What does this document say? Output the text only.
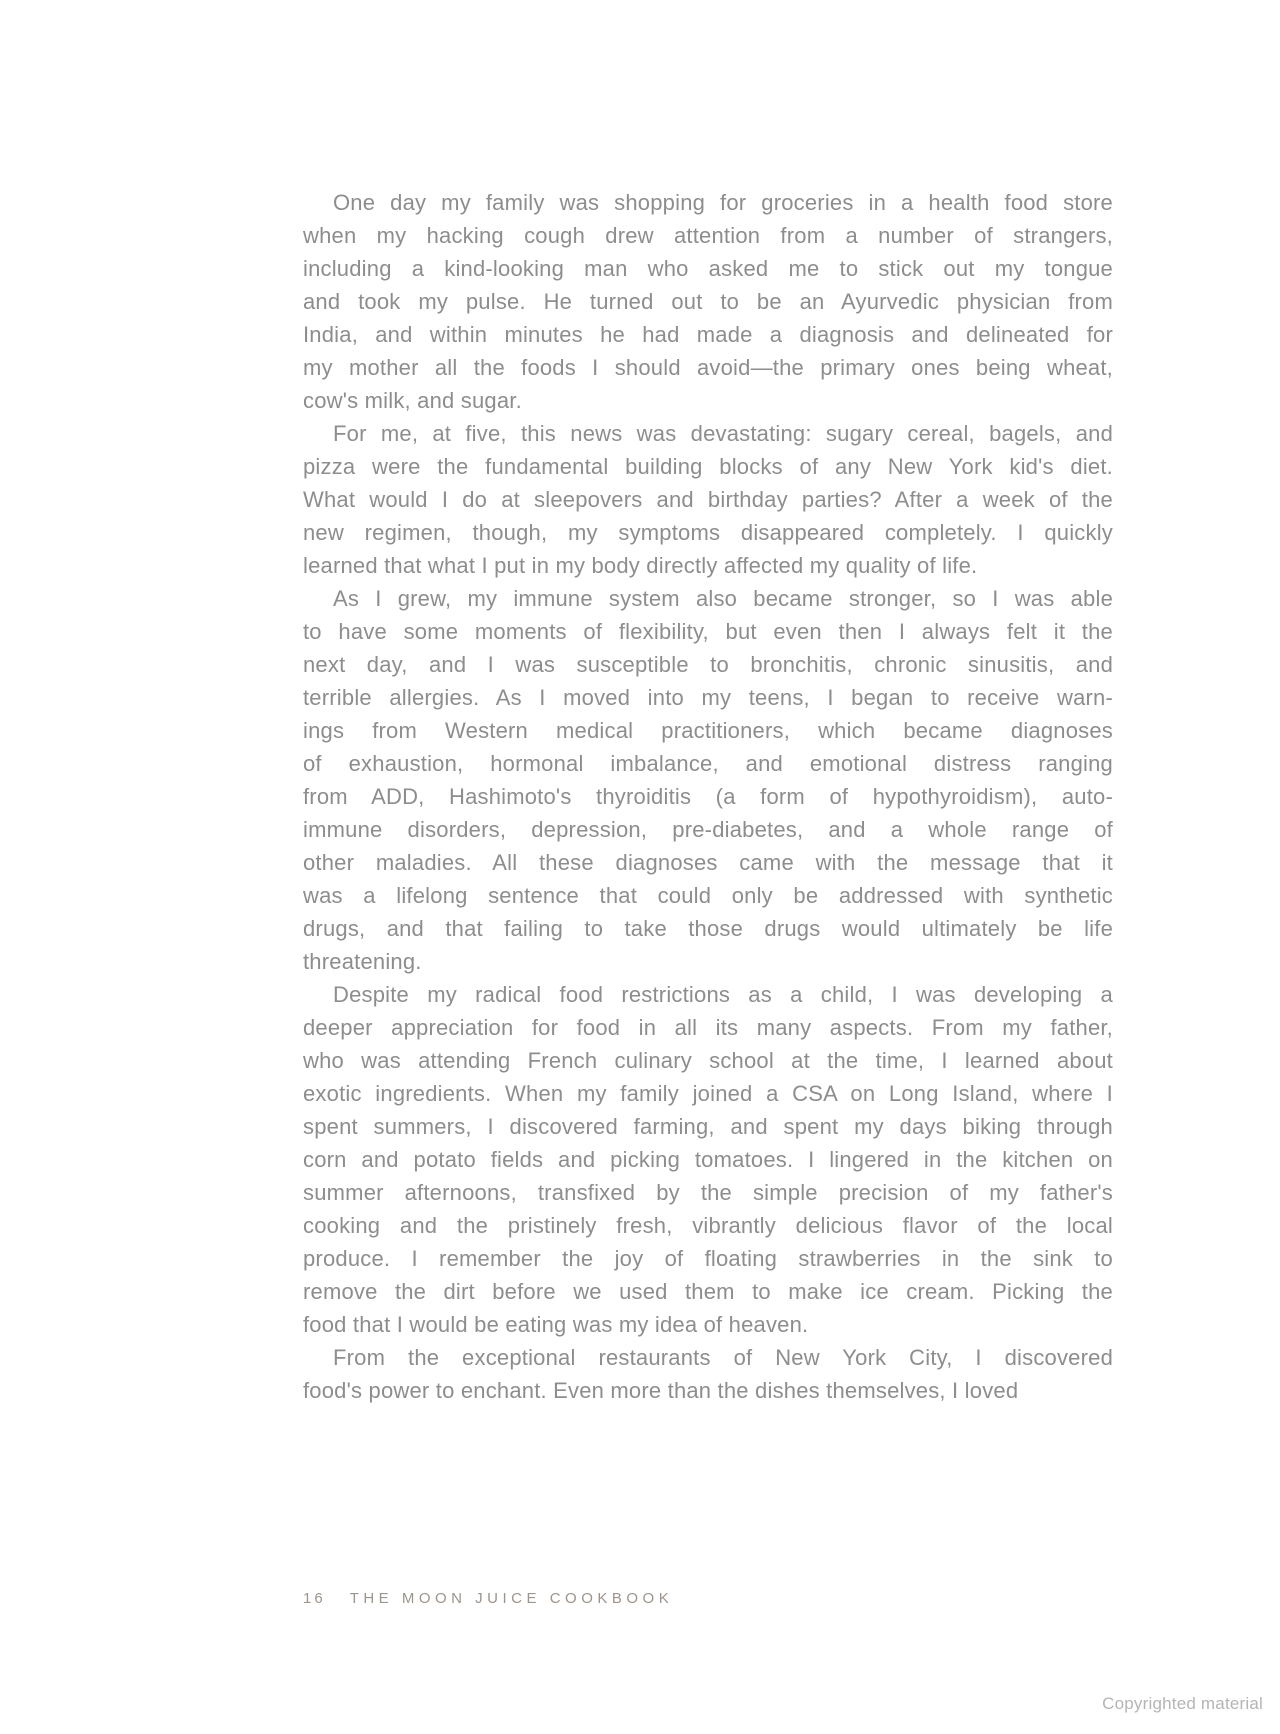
One day my family was shopping for groceries in a health food store
when my hacking cough drew attention from a number of strangers,
including a kind-looking man who asked me to stick out my tongue
and took my pulse. He turned out to be an Ayurvedic physician from
India, and within minutes he had made a diagnosis and delineated for
my mother all the foods I should avoid—the primary ones being wheat,
cow's milk, and sugar.
For me, at five, this news was devastating: sugary cereal, bagels, and
pizza were the fundamental building blocks of any New York kid's diet.
What would I do at sleepovers and birthday parties? After a week of the
new regimen, though, my symptoms disappeared completely. I quickly
learned that what I put in my body directly affected my quality of life.
As I grew, my immune system also became stronger, so I was able
to have some moments of flexibility, but even then I always felt it the
next day, and I was susceptible to bronchitis, chronic sinusitis, and
terrible allergies. As I moved into my teens, I began to receive warn-
ings from Western medical practitioners, which became diagnoses
of exhaustion, hormonal imbalance, and emotional distress ranging
from ADD, Hashimoto's thyroiditis (a form of hypothyroidism), auto-
immune disorders, depression, pre-diabetes, and a whole range of
other maladies. All these diagnoses came with the message that it
was a lifelong sentence that could only be addressed with synthetic
drugs, and that failing to take those drugs would ultimately be life
threatening.
Despite my radical food restrictions as a child, I was developing a
deeper appreciation for food in all its many aspects. From my father,
who was attending French culinary school at the time, I learned about
exotic ingredients. When my family joined a CSA on Long Island, where I
spent summers, I discovered farming, and spent my days biking through
corn and potato fields and picking tomatoes. I lingered in the kitchen on
summer afternoons, transfixed by the simple precision of my father's
cooking and the pristinely fresh, vibrantly delicious flavor of the local
produce. I remember the joy of floating strawberries in the sink to
remove the dirt before we used them to make ice cream. Picking the
food that I would be eating was my idea of heaven.
From the exceptional restaurants of New York City, I discovered
food's power to enchant. Even more than the dishes themselves, I loved
16 THE MOON JUICE COOKBOOK
Copyrighted material
